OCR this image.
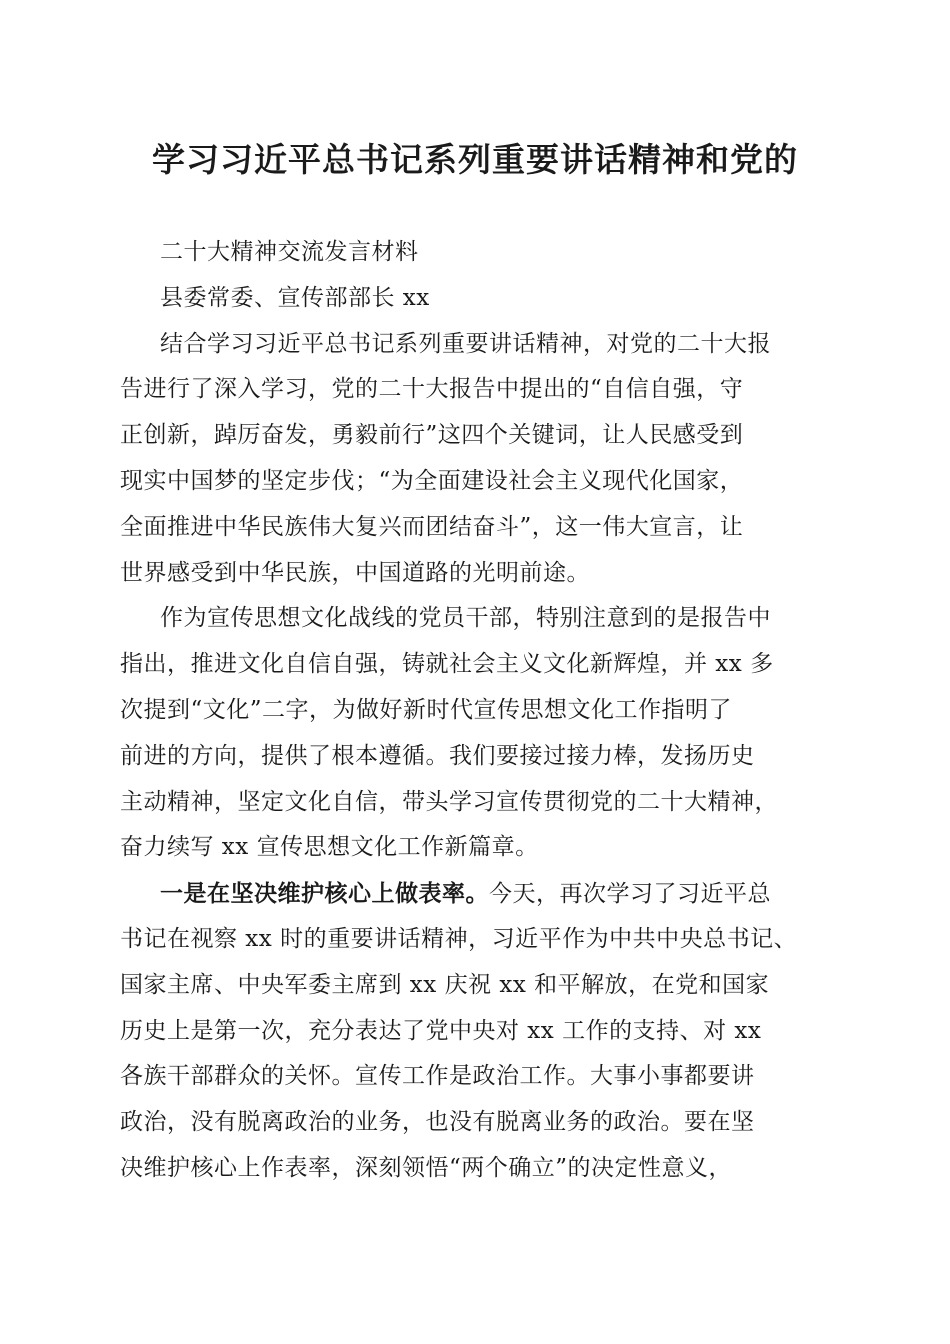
学习习近平总书记系列重要讲话精神和党的
二十大精神交流发言材料
县委常委、宣传部部长 xx
结合学习习近平总书记系列重要讲话精神，对党的二十大报
告进行了深入学习，党的二十大报告中提出的“自信自强，守
正创新，踔厉奋发，勇毅前行”这四个关键词，让人民感受到
现实中国梦的坚定步伐；“为全面建设社会主义现代化国家，
全面推进中华民族伟大复兴而团结奋斗”，这一伟大宣言，让
世界感受到中华民族，中国道路的光明前途。
作为宣传思想文化战线的党员干部，特别注意到的是报告中
指出，推进文化自信自强，铸就社会主义文化新辉煌，并 xx 多
次提到“文化”二字，为做好新时代宣传思想文化工作指明了
前进的方向，提供了根本遵循。我们要接过接力棒，发扬历史
主动精神，坚定文化自信，带头学习宣传贯彻党的二十大精神，
奋力续写 xx 宣传思想文化工作新篇章。
一是在坚决维护核心上做表率。今天，再次学习了习近平总
书记在视察 xx 时的重要讲话精神，习近平作为中共中央总书记、
国家主席、中央军委主席到 xx 庆祝 xx 和平解放，在党和国家
历史上是第一次，充分表达了党中央对 xx 工作的支持、对 xx
各族干部群众的关怀。宣传工作是政治工作。大事小事都要讲
政治，没有脱离政治的业务，也没有脱离业务的政治。要在坚
决维护核心上作表率，深刻领悟“两个确立”的决定性意义，
